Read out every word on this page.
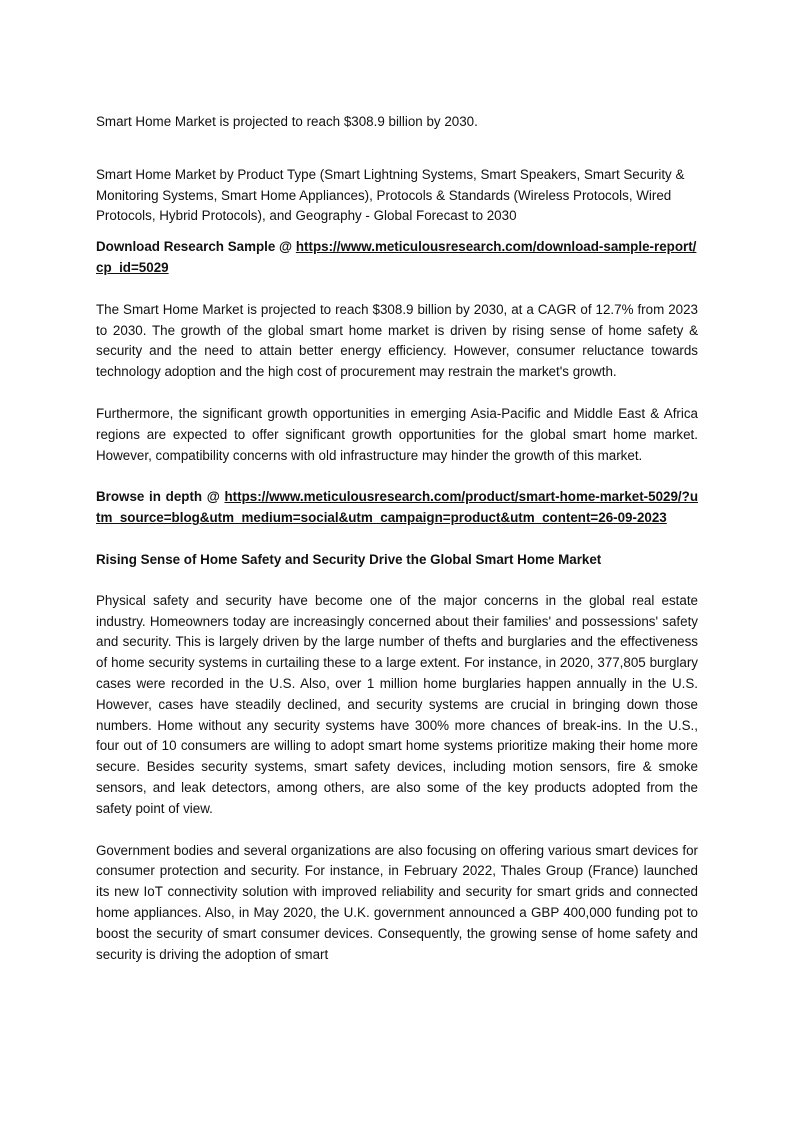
Smart Home Market is projected to reach $308.9 billion by 2030.

Smart Home Market by Product Type (Smart Lightning Systems, Smart Speakers, Smart Security & Monitoring Systems, Smart Home Appliances), Protocols & Standards (Wireless Protocols, Wired Protocols, Hybrid Protocols), and Geography - Global Forecast to 2030

Download Research Sample @ https://www.meticulousresearch.com/download-sample-report/cp_id=5029

The Smart Home Market is projected to reach $308.9 billion by 2030, at a CAGR of 12.7% from 2023 to 2030. The growth of the global smart home market is driven by rising sense of home safety & security and the need to attain better energy efficiency. However, consumer reluctance towards technology adoption and the high cost of procurement may restrain the market's growth.

Furthermore, the significant growth opportunities in emerging Asia-Pacific and Middle East & Africa regions are expected to offer significant growth opportunities for the global smart home market. However, compatibility concerns with old infrastructure may hinder the growth of this market.

Browse in depth @ https://www.meticulousresearch.com/product/smart-home-market-5029/?utm_source=blog&utm_medium=social&utm_campaign=product&utm_content=26-09-2023

Rising Sense of Home Safety and Security Drive the Global Smart Home Market

Physical safety and security have become one of the major concerns in the global real estate industry. Homeowners today are increasingly concerned about their families' and possessions' safety and security. This is largely driven by the large number of thefts and burglaries and the effectiveness of home security systems in curtailing these to a large extent. For instance, in 2020, 377,805 burglary cases were recorded in the U.S. Also, over 1 million home burglaries happen annually in the U.S. However, cases have steadily declined, and security systems are crucial in bringing down those numbers. Home without any security systems have 300% more chances of break-ins. In the U.S., four out of 10 consumers are willing to adopt smart home systems prioritize making their home more secure. Besides security systems, smart safety devices, including motion sensors, fire & smoke sensors, and leak detectors, among others, are also some of the key products adopted from the safety point of view.

Government bodies and several organizations are also focusing on offering various smart devices for consumer protection and security. For instance, in February 2022, Thales Group (France) launched its new IoT connectivity solution with improved reliability and security for smart grids and connected home appliances. Also, in May 2020, the U.K. government announced a GBP 400,000 funding pot to boost the security of smart consumer devices. Consequently, the growing sense of home safety and security is driving the adoption of smart
